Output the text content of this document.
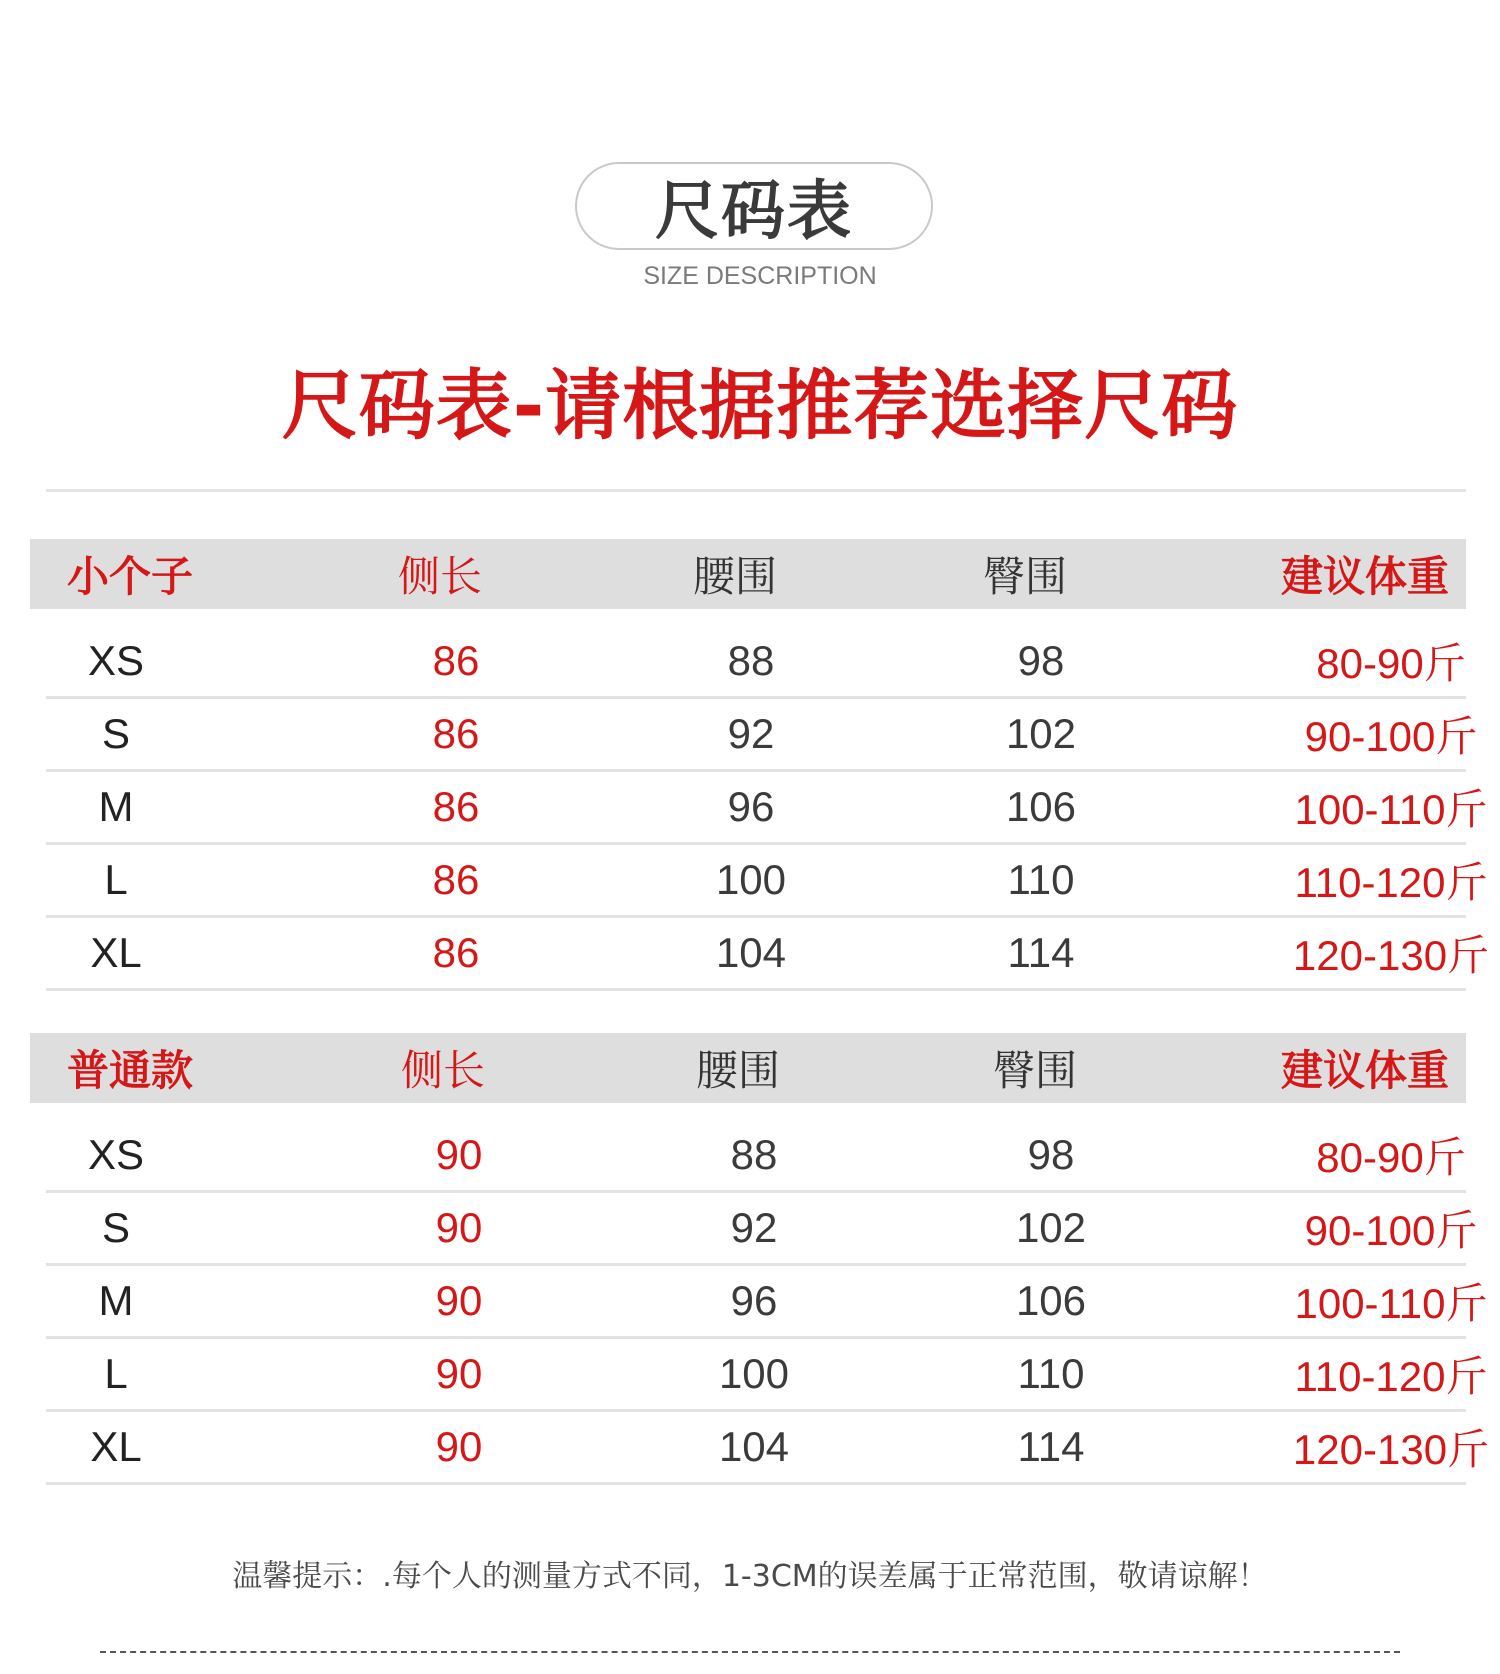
尺码表
SIZE DESCRIPTION
尺码表-请根据推荐选择尺码
小个子	侧长	腰围	臀围	建议体重
XS	86	88	98	80-90斤
S	86	92	102	90-100斤
M	86	96	106	100-110斤
L	86	100	110	110-120斤
XL	86	104	114	120-130斤
普通款	侧长	腰围	臀围	建议体重
XS	90	88	98	80-90斤
S	90	92	102	90-100斤
M	90	96	106	100-110斤
L	90	100	110	110-120斤
XL	90	104	114	120-130斤
温馨提示：.每个人的测量方式不同，1-3CM的误差属于正常范围，敬请谅解！
